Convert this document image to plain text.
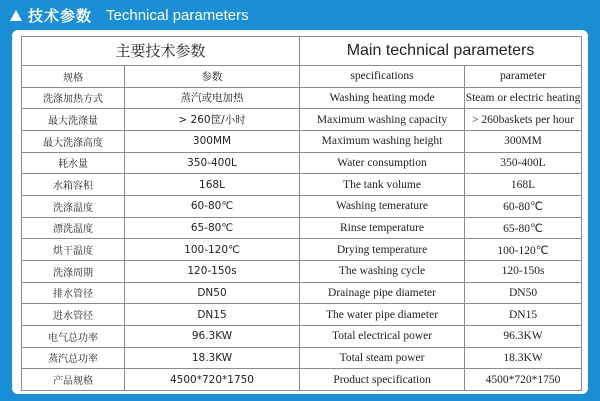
技术参数 Technical parameters
主要技术参数		Main technical parameters	
规格	参数	specifications	parameter
洗涤加热方式	蒸汽或电加热	Washing heating mode	Steam or electric heating
最大洗涤量	> 260筐/小时	Maximum washing capacity	> 260baskets per hour
最大洗涤高度	300MM	Maximum washing height	300MM
耗水量	350-400L	Water consumption	350-400L
水箱容积	168L	The tank volume	168L
洗涤温度	60-80℃	Washing temerature	60-80℃
漂洗温度	65-80℃	Rinse temperature	65-80℃
烘干温度	100-120℃	Drying temperature	100-120℃
洗涤周期	120-150s	The washing cycle	120-150s
排水管径	DN50	Drainage pipe diameter	DN50
进水管径	DN15	The water pipe diameter	DN15
电气总功率	96.3KW	Total electrical power	96.3KW
蒸汽总功率	18.3KW	Total steam power	18.3KW
产品规格	4500*720*1750	Product specification	4500*720*1750
